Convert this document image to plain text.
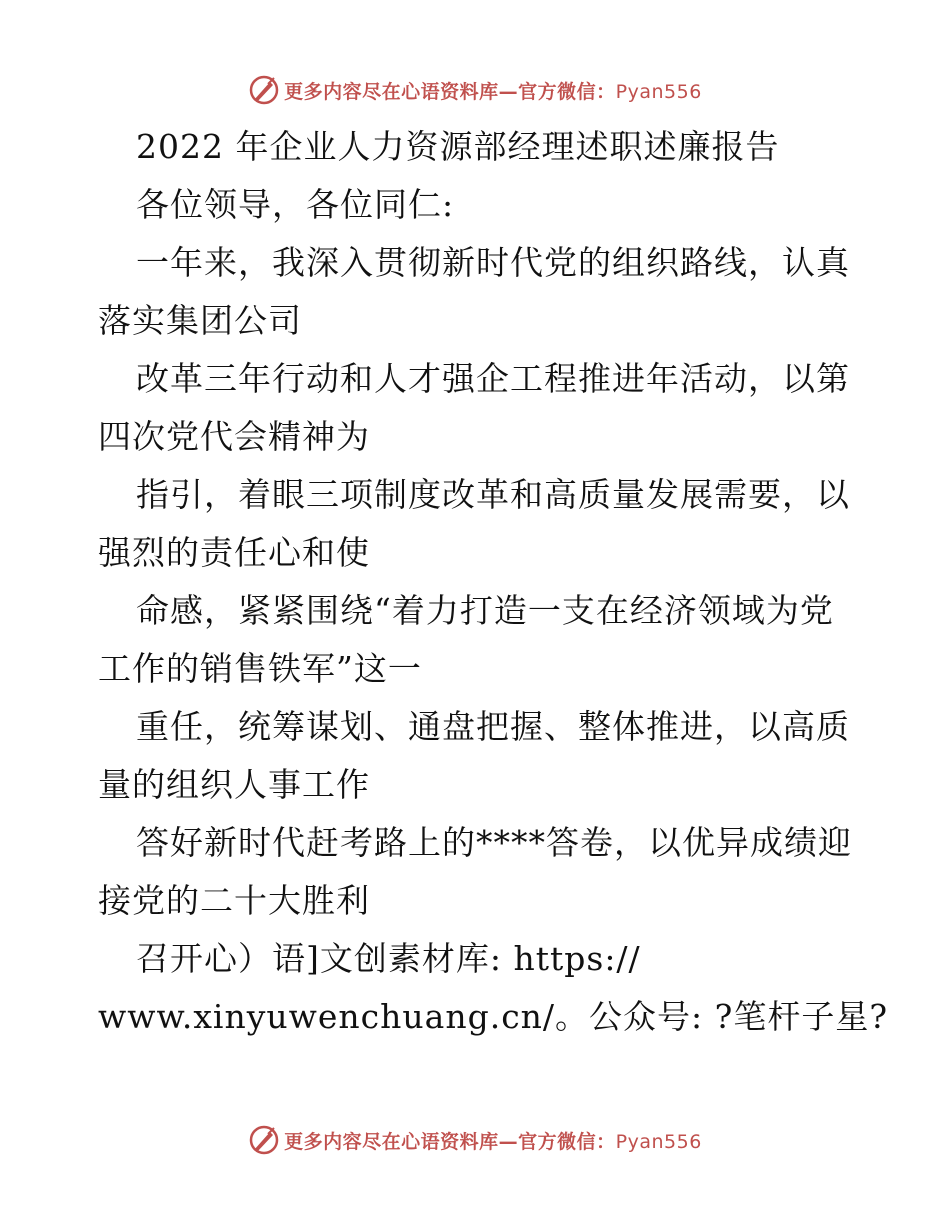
更多内容尽在心语资料库—官方微信：Pyan556
2022 年企业人力资源部经理述职述廉报告
各位领导，各位同仁:
一年来，我深入贯彻新时代党的组织路线，认真
落实集团公司
改革三年行动和人才强企工程推进年活动，以第
四次党代会精神为
指引，着眼三项制度改革和高质量发展需要，以
强烈的责任心和使
命感，紧紧围绕“着力打造一支在经济领域为党
工作的销售铁军”这一
重任，统筹谋划、通盘把握、整体推进，以高质
量的组织人事工作
答好新时代赶考路上的****答卷，以优异成绩迎
接党的二十大胜利
召开心）语]文创素材库: https://
www.xinyuwenchuang.cn/。公众号: ?笔杆子星?
更多内容尽在心语资料库—官方微信：Pyan556
